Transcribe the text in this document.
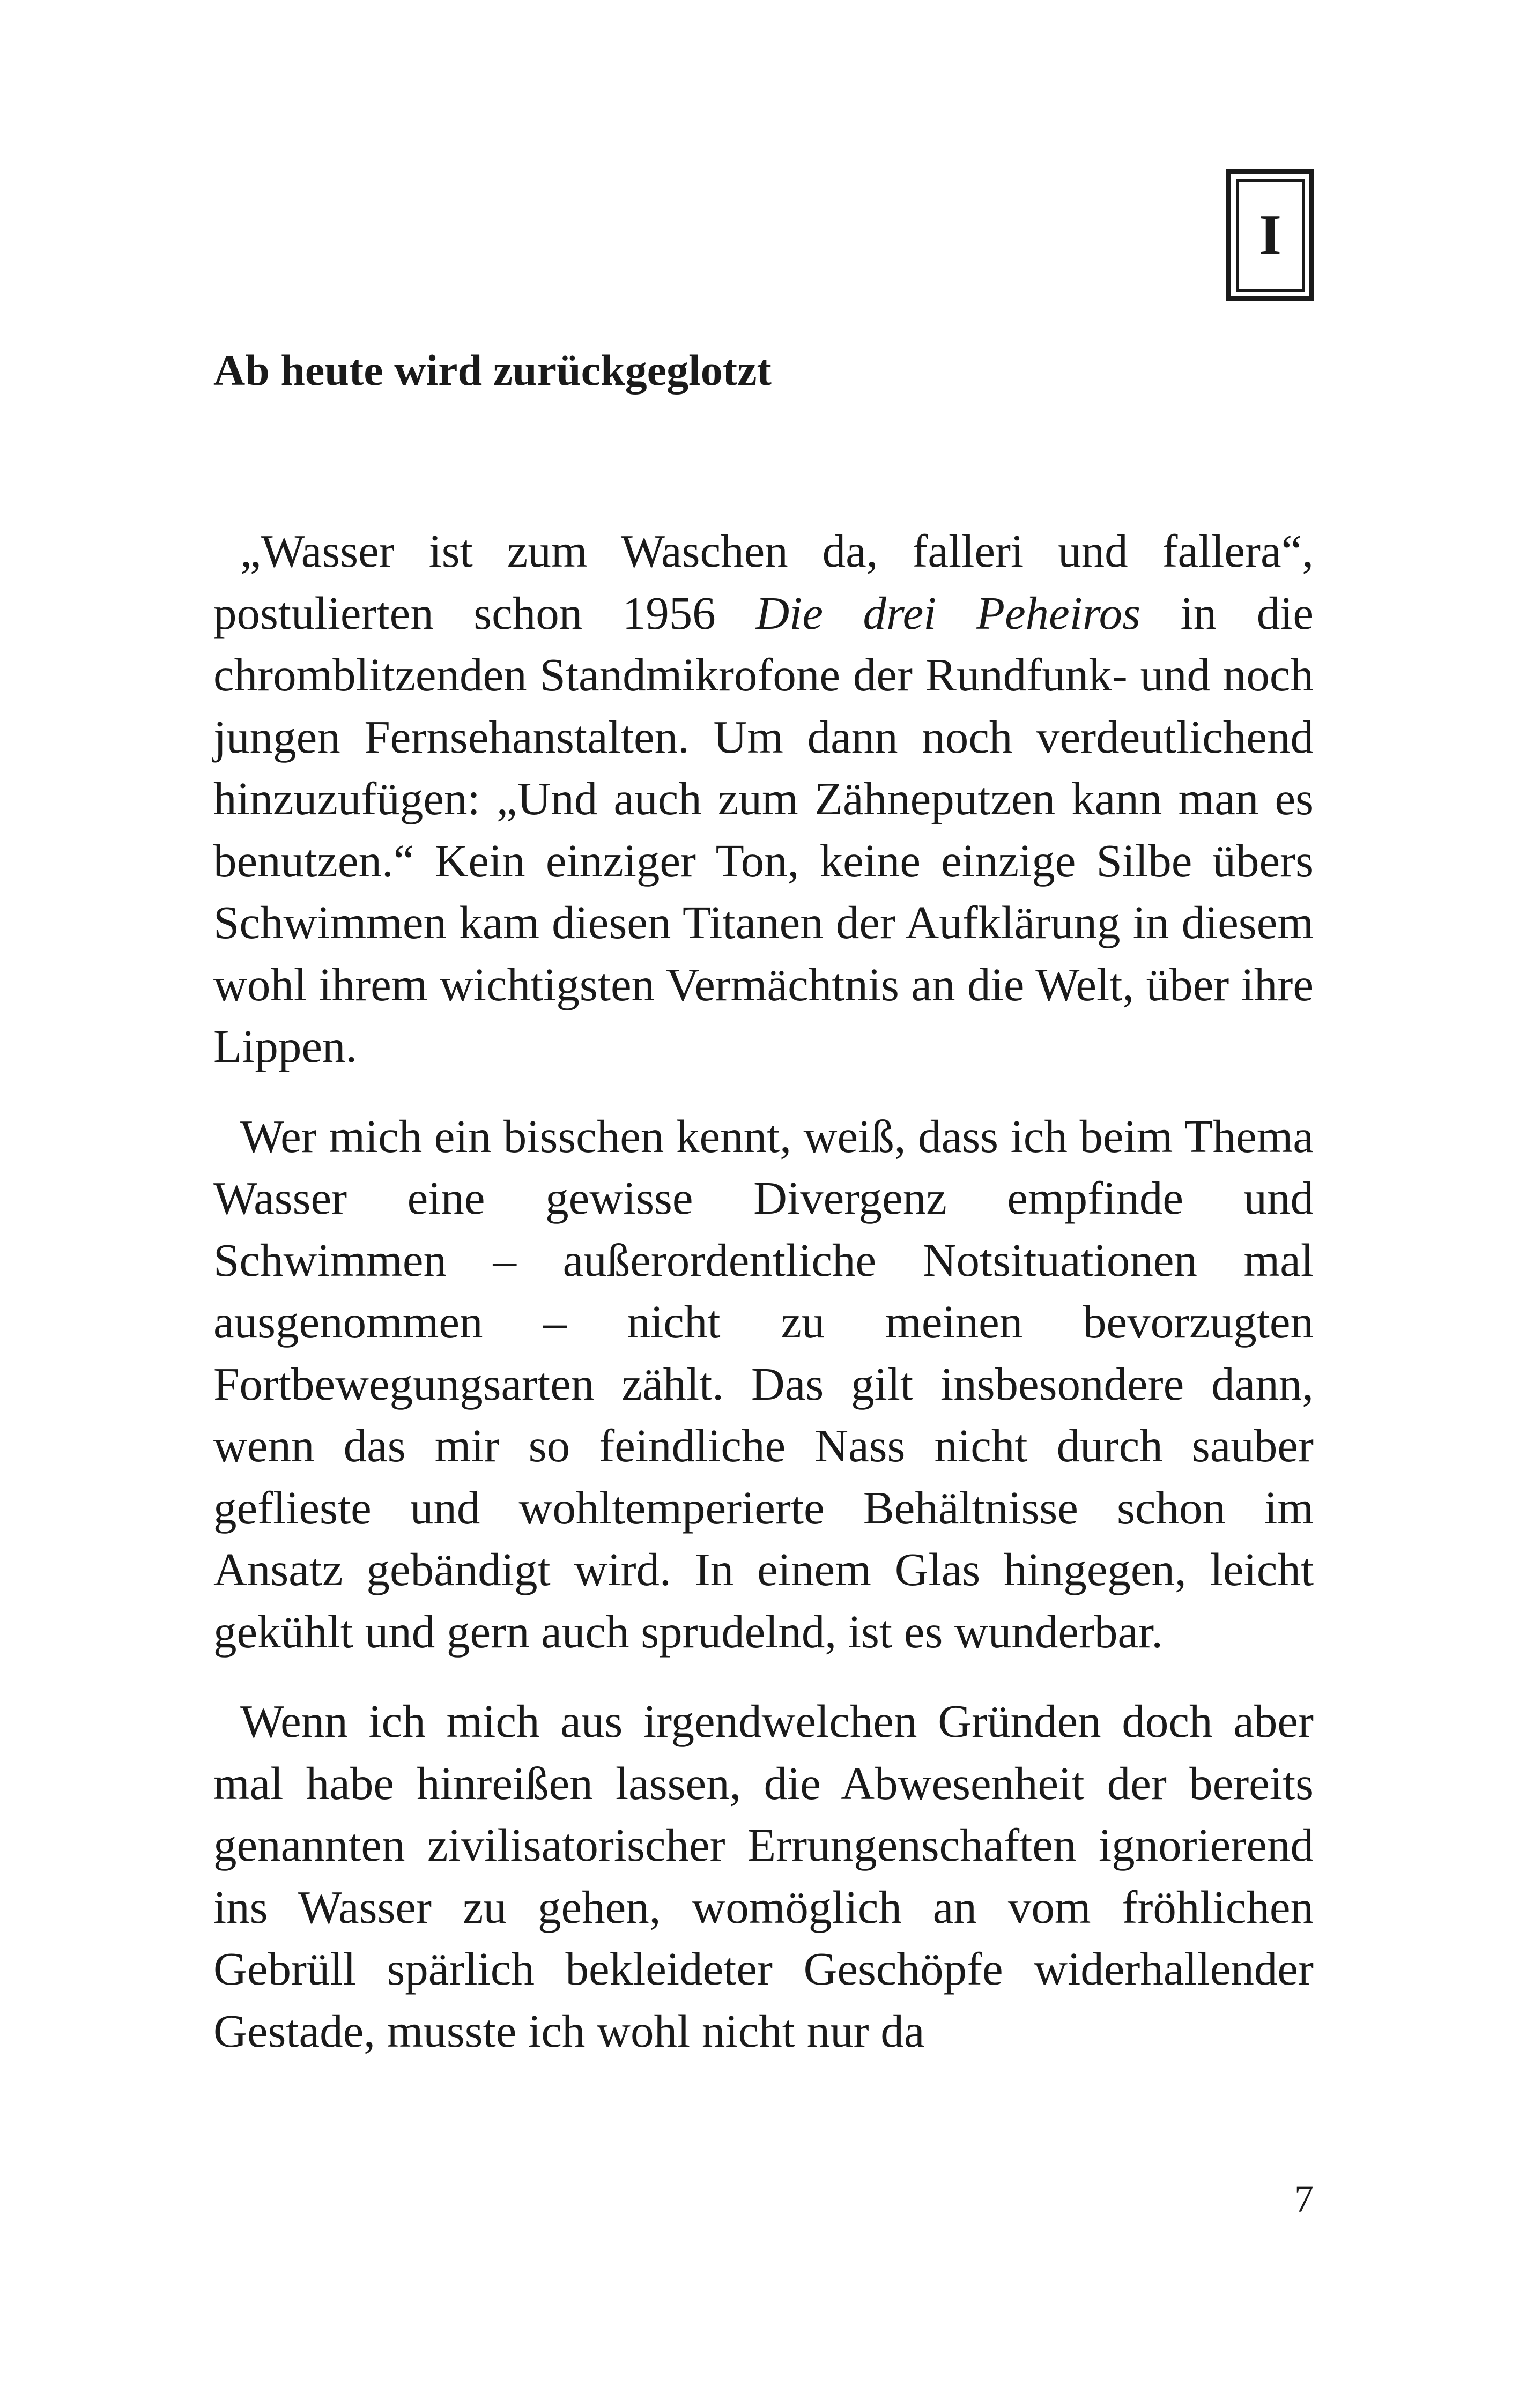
I
Ab heute wird zurückgeglotzt

„Wasser ist zum Waschen da, falleri und fallera“, postulierten schon 1956 Die drei Peheiros in die chromblitzenden Standmikrofone der Rundfunk- und noch jungen Fernsehanstalten. Um dann noch verdeutlichend hinzuzufügen: „Und auch zum Zähneputzen kann man es benutzen.“ Kein einziger Ton, keine einzige Silbe übers Schwimmen kam diesen Titanen der Aufklärung in diesem wohl ihrem wichtigsten Vermächtnis an die Welt, über ihre Lippen.

Wer mich ein bisschen kennt, weiß, dass ich beim Thema Wasser eine gewisse Divergenz empfinde und Schwimmen – außerordentliche Notsituationen mal ausgenommen – nicht zu meinen bevorzugten Fortbewegungsarten zählt. Das gilt insbesondere dann, wenn das mir so feindliche Nass nicht durch sauber geflieste und wohltemperierte Behältnisse schon im Ansatz gebändigt wird. In einem Glas hingegen, leicht gekühlt und gern auch sprudelnd, ist es wunderbar.

Wenn ich mich aus irgendwelchen Gründen doch aber mal habe hinreißen lassen, die Abwesenheit der bereits genannten zivilisatorischer Errungenschaften ignorierend ins Wasser zu gehen, womöglich an vom fröhlichen Gebrüll spärlich bekleideter Geschöpfe widerhallender Gestade, musste ich wohl nicht nur da

7
